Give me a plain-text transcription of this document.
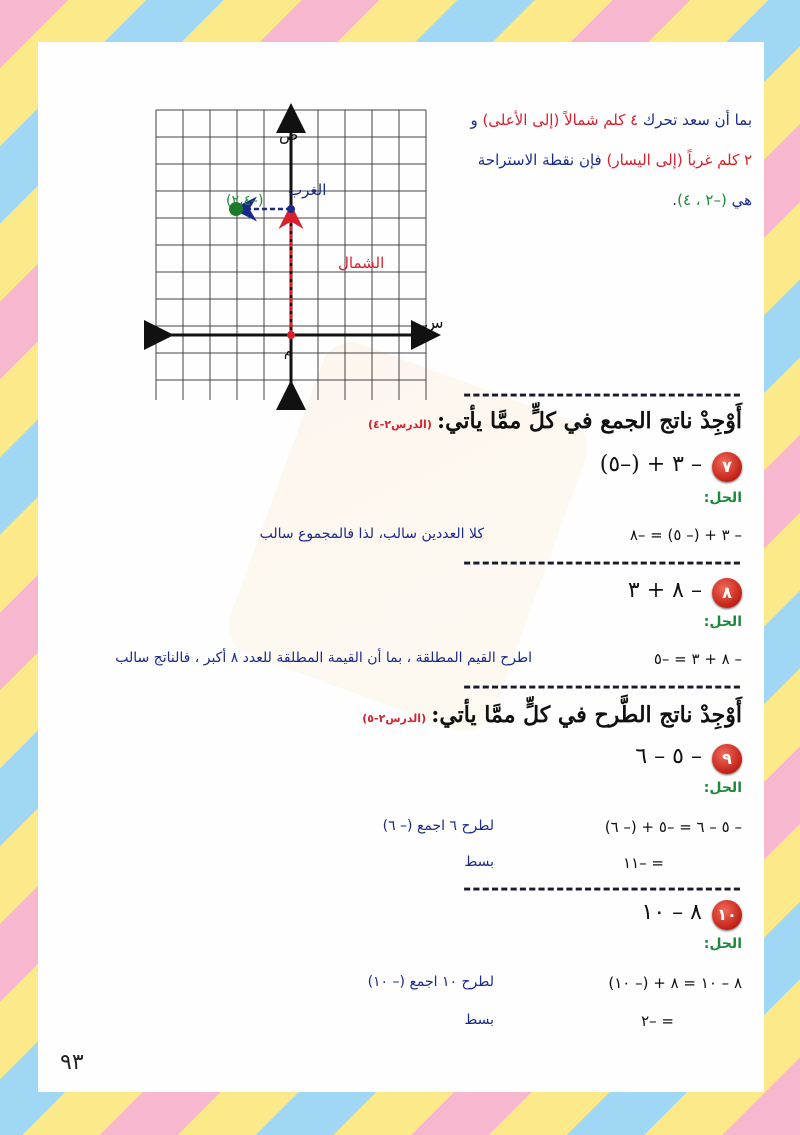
بما أن سعد تحرك ٤ كلم شمالاً (إلى الأعلى) و
٢ كلم غرباً (إلى اليسار) فإن نقطة الاستراحة
هي (–٢ ، ٤).
ص
س
م
الغرب
الشمال
(–٢،٤)
------------------------------
أَوْجِدْ ناتج الجمع في كلٍّ ممَّا يأتي: (الدرس٢-٤)
٧
– ٣ + (–٥)
الحل:
– ٣ + (– ٥) = –٨
كلا العددين سالب، لذا فالمجموع سالب
------------------------------
٨
– ٨ + ٣
الحل:
– ٨ + ٣ = –٥
اطرح القيم المطلقة ، بما أن القيمة المطلقة للعدد ٨ أكبر ، فالناتج سالب
------------------------------
أَوْجِدْ ناتج الطَّرح في كلٍّ ممَّا يأتي: (الدرس٢-٥)
٩
– ٥ – ٦
الحل:
– ٥ – ٦ = –٥ + (– ٦)
لطرح ٦ اجمع (– ٦)
= –١١
بسط
------------------------------
١٠
٨ – ١٠
الحل:
٨ – ١٠ = ٨ + (– ١٠)
لطرح ١٠ اجمع (– ١٠)
= –٢
بسط
٩٣
